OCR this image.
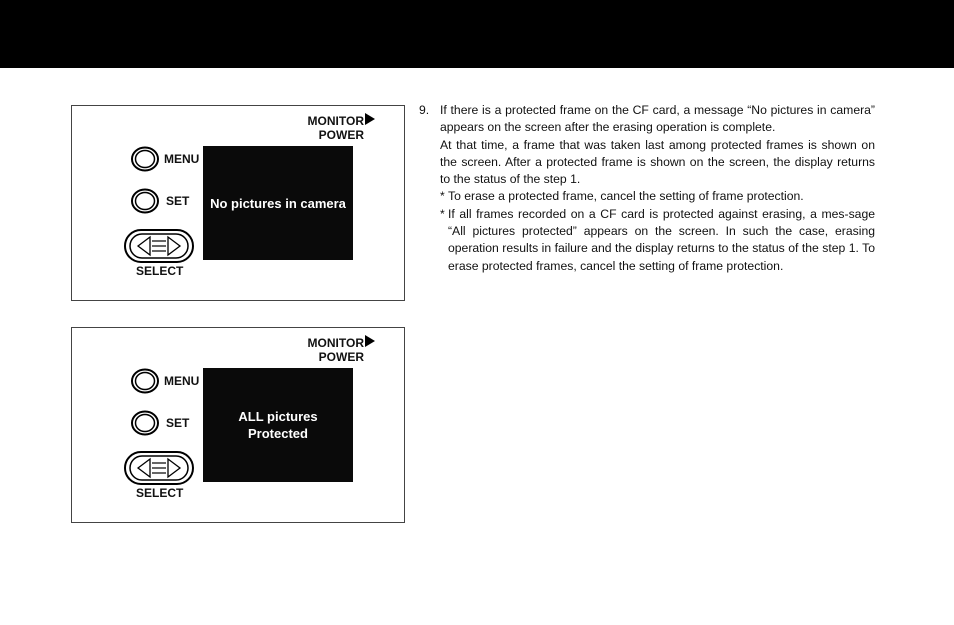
MONITOR
POWER
MENU
SET
SELECT
No pictures in camera
MONITOR
POWER
MENU
SET
SELECT
ALL pictures
Protected
9. If there is a protected frame on the CF card, a message “No pictures in camera” appears on the screen after the erasing operation is complete.
At that time, a frame that was taken last among protected frames is shown on the screen. After a protected frame is shown on the screen, the display returns to the status of the step 1.
* To erase a protected frame, cancel the setting of frame protection.
* If all frames recorded on a CF card is protected against erasing, a mes-sage “All pictures protected” appears on the screen. In such the case, erasing operation results in failure and the display returns to the status of the step 1. To erase protected frames, cancel the setting of frame protection.
